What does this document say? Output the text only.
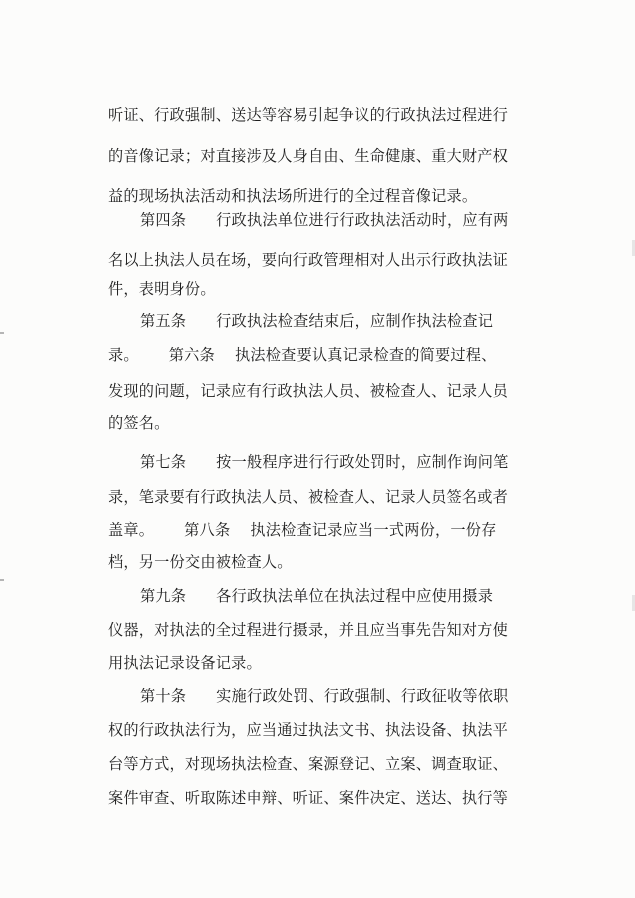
听证、行政强制、送达等容易引起争议的行政执法过程进行

的音像记录；对直接涉及人身自由、生命健康、重大财产权

益的现场执法活动和执法场所进行的全过程音像记录。

第四条 行政执法单位进行行政执法活动时，应有两

名以上执法人员在场，要向行政管理相对人出示行政执法证

件，表明身份。

第五条 行政执法检查结束后，应制作执法检查记

录。 第六条 执法检查要认真记录检查的简要过程、

发现的问题，记录应有行政执法人员、被检查人、记录人员

的签名。

第七条 按一般程序进行行政处罚时，应制作询问笔

录，笔录要有行政执法人员、被检查人、记录人员签名或者

盖章。 第八条 执法检查记录应当一式两份，一份存

档，另一份交由被检查人。

第九条 各行政执法单位在执法过程中应使用摄录

仪器，对执法的全过程进行摄录，并且应当事先告知对方使

用执法记录设备记录。

第十条 实施行政处罚、行政强制、行政征收等依职

权的行政执法行为，应当通过执法文书、执法设备、执法平

台等方式，对现场执法检查、案源登记、立案、调查取证、

案件审查、听取陈述申辩、听证、案件决定、送达、执行等
